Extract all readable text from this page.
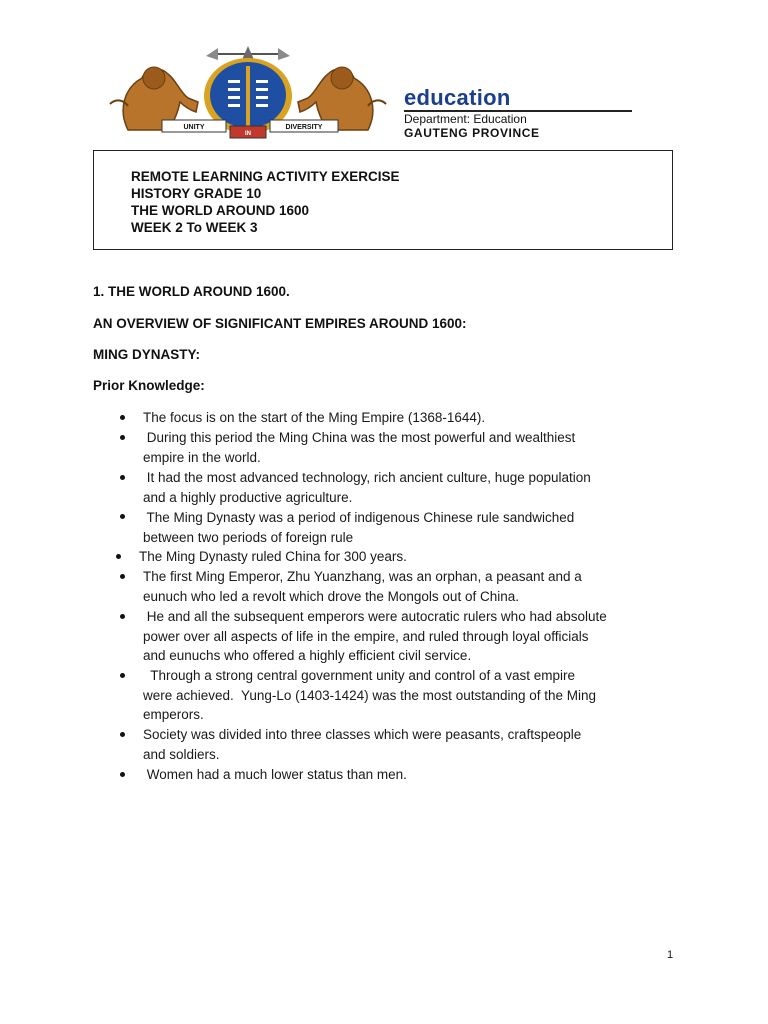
UNITY
IN
DIVERSITY
education
Department: Education
GAUTENG PROVINCE
REMOTE LEARNING ACTIVITY EXERCISE
HISTORY GRADE 10
THE WORLD AROUND 1600
WEEK 2 To WEEK 3
1. THE WORLD AROUND 1600.
AN OVERVIEW OF SIGNIFICANT EMPIRES AROUND 1600:
MING DYNASTY:
Prior Knowledge:
The focus is on the start of the Ming Empire (1368-1644).
During this period the Ming China was the most powerful and wealthiest
empire in the world.
It had the most advanced technology, rich ancient culture, huge population
and a highly productive agriculture.
The Ming Dynasty was a period of indigenous Chinese rule sandwiched
between two periods of foreign rule
The Ming Dynasty ruled China for 300 years.
The first Ming Emperor, Zhu Yuanzhang, was an orphan, a peasant and a
eunuch who led a revolt which drove the Mongols out of China.
He and all the subsequent emperors were autocratic rulers who had absolute
power over all aspects of life in the empire, and ruled through loyal officials
and eunuchs who offered a highly efficient civil service.
Through a strong central government unity and control of a vast empire
were achieved.  Yung-Lo (1403-1424) was the most outstanding of the Ming
emperors.
Society was divided into three classes which were peasants, craftspeople
and soldiers.
Women had a much lower status than men.
1
